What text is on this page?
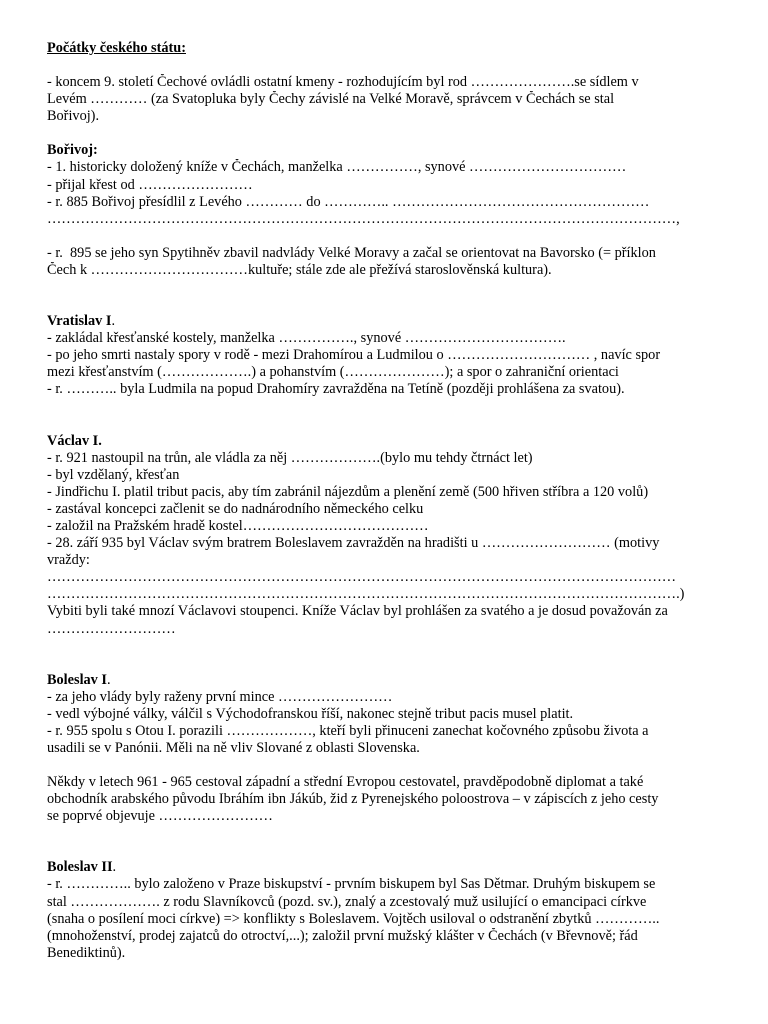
Počátky českého státu:
- koncem 9. století Čechové ovládli ostatní kmeny - rozhodujícím byl rod ………………….se sídlem v
Levém ………… (za Svatopluka byly Čechy závislé na Velké Moravě, správcem v Čechách se stal
Bořivoj).
Bořivoj:
- 1. historicky doložený kníže v Čechách, manželka ……………, synové ……………………………
- přijal křest od ……………………
- r. 885 Bořivoj přesídlil z Levého ………… do ………….. ………………………………………………
……………………………………………………………………………………………………………………,
- r.  895 se jeho syn Spytihněv zbavil nadvlády Velké Moravy a začal se orientovat na Bavorsko (= příklon
Čech k ……………………………kultuře; stále zde ale přežívá staroslověnská kultura).
Vratislav I.
- zakládal křesťanské kostely, manželka ……………., synové …………………………….
- po jeho smrti nastaly spory v rodě - mezi Drahomírou a Ludmilou o ………………………… , navíc spor
mezi křesťanstvím (……………….) a pohanstvím (…………………); a spor o zahraniční orientaci
- r. ……….. byla Ludmila na popud Drahomíry zavražděna na Tetíně (později prohlášena za svatou).
Václav I.
- r. 921 nastoupil na trůn, ale vládla za něj ……………….(bylo mu tehdy čtrnáct let)
- byl vzdělaný, křesťan
- Jindřichu I. platil tribut pacis, aby tím zabránil nájezdům a plenění země (500 hřiven stříbra a 120 volů)
- zastával koncepci začlenit se do nadnárodního německého celku
- založil na Pražském hradě kostel…………………………………
- 28. září 935 byl Václav svým bratrem Boleslavem zavražděn na hradišti u ……………………… (motivy
vraždy:
……………………………………………………………………………………………………………………
…………………………………………………………………………………………………………………….)
Vybiti byli také mnozí Václavovi stoupenci. Kníže Václav byl prohlášen za svatého a je dosud považován za
………………………
Boleslav I.
- za jeho vlády byly raženy první mince ……………………
- vedl výbojné války, válčil s Východofranskou říší, nakonec stejně tribut pacis musel platit.
- r. 955 spolu s Otou I. porazili ………………, kteří byli přinuceni zanechat kočovného způsobu života a
usadili se v Panónii. Měli na ně vliv Slované z oblasti Slovenska.
Někdy v letech 961 - 965 cestoval západní a střední Evropou cestovatel, pravděpodobně diplomat a také
obchodník arabského původu Ibráhím ibn Jákúb, žid z Pyrenejského poloostrova – v zápiscích z jeho cesty
se poprvé objevuje ……………………
Boleslav II.
- r. ………….. bylo založeno v Praze biskupství - prvním biskupem byl Sas Dětmar. Druhým biskupem se
stal ………………. z rodu Slavníkovců (pozd. sv.), znalý a zcestovalý muž usilující o emancipaci církve
(snaha o posílení moci církve) => konflikty s Boleslavem. Vojtěch usiloval o odstranění zbytků …………..
(mnohoženství, prodej zajatců do otroctví,...); založil první mužský klášter v Čechách (v Břevnově; řád
Benediktinů).
